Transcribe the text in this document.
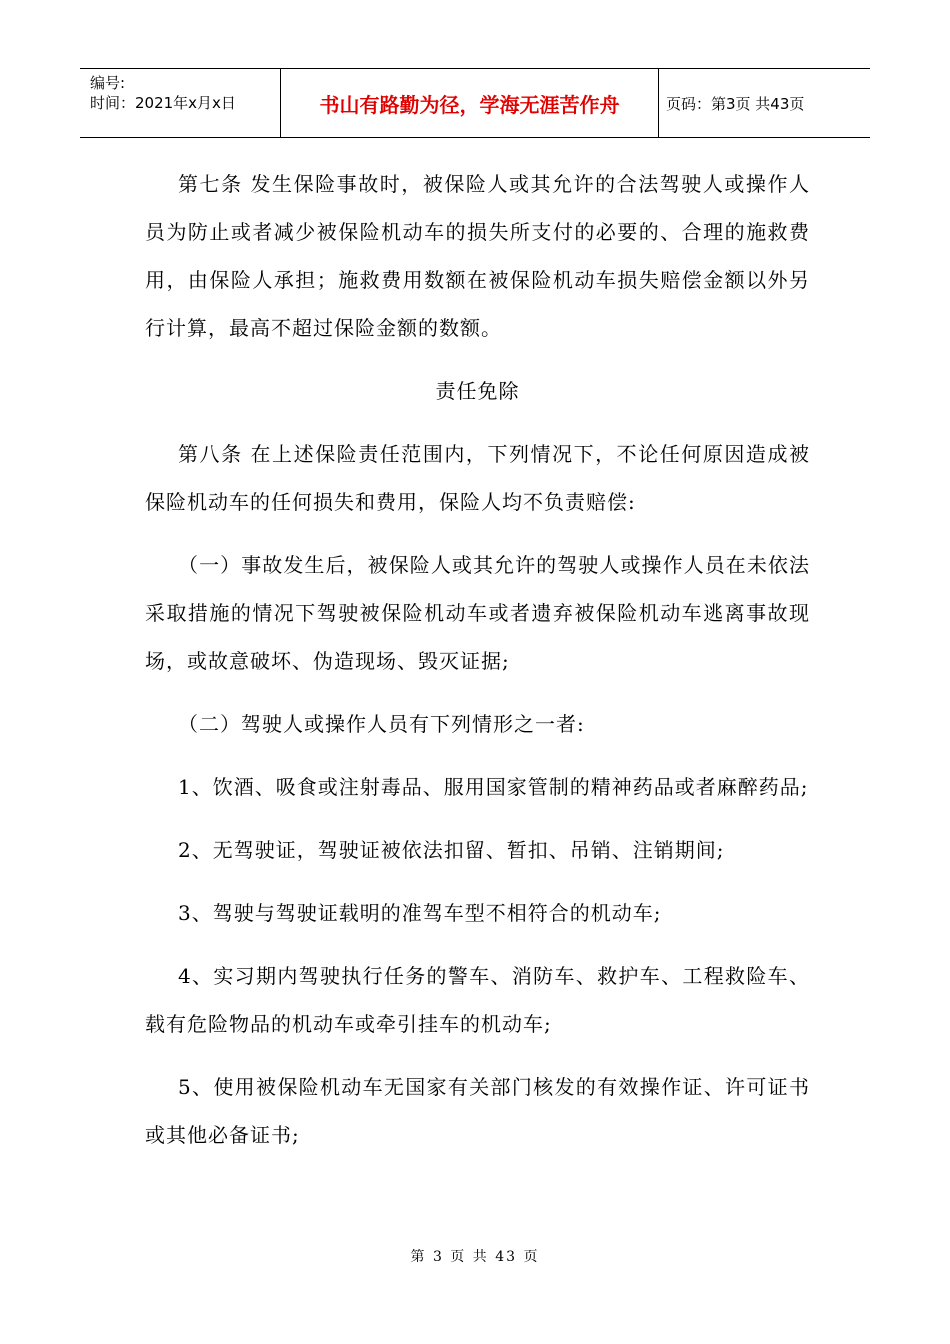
编号:
时间：2021年x月x日	书山有路勤为径，学海无涯苦作舟	页码：第3页 共43页

第七条 发生保险事故时，被保险人或其允许的合法驾驶人或操作人员为防止或者减少被保险机动车的损失所支付的必要的、合理的施救费用，由保险人承担；施救费用数额在被保险机动车损失赔偿金额以外另行计算，最高不超过保险金额的数额。

责任免除

第八条 在上述保险责任范围内，下列情况下，不论任何原因造成被保险机动车的任何损失和费用，保险人均不负责赔偿:

（一）事故发生后，被保险人或其允许的驾驶人或操作人员在未依法采取措施的情况下驾驶被保险机动车或者遗弃被保险机动车逃离事故现场，或故意破坏、伪造现场、毁灭证据;

（二）驾驶人或操作人员有下列情形之一者:

1、饮酒、吸食或注射毒品、服用国家管制的精神药品或者麻醉药品;

2、无驾驶证，驾驶证被依法扣留、暂扣、吊销、注销期间;

3、驾驶与驾驶证载明的准驾车型不相符合的机动车;

4、实习期内驾驶执行任务的警车、消防车、救护车、工程救险车、载有危险物品的机动车或牵引挂车的机动车;

5、使用被保险机动车无国家有关部门核发的有效操作证、许可证书或其他必备证书;

第 3 页 共 43 页
